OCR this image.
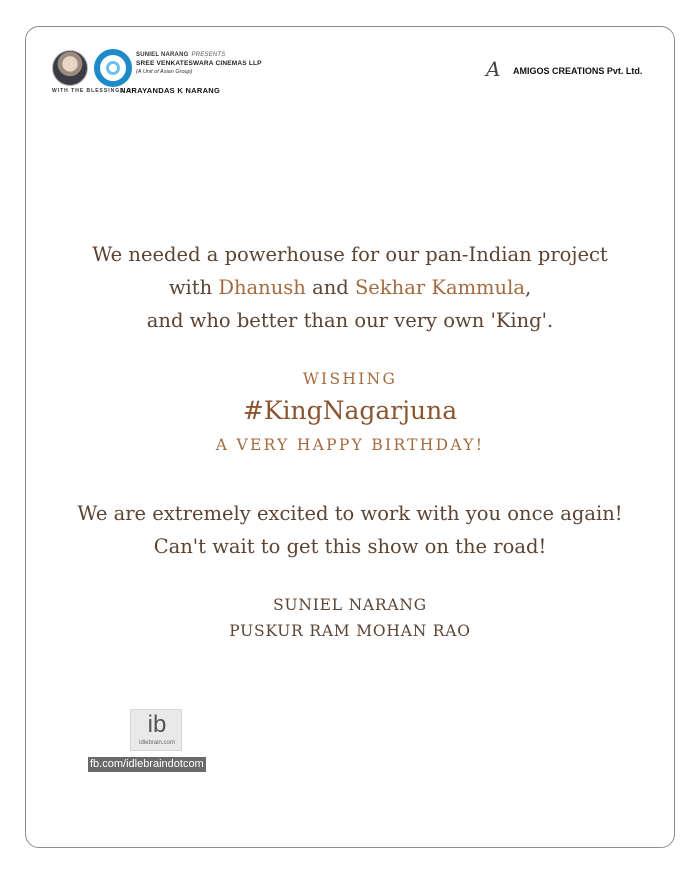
SUNIEL NARANG PRESENTS
SREE VENKATESWARA CINEMAS LLP
(A Unit of Asian Group)
WITH THE BLESSINGS OF
NARAYANDAS K NARANG
A AMIGOS CREATIONS Pvt. Ltd.
We needed a powerhouse for our pan-Indian project
with Dhanush and Sekhar Kammula,
and who better than our very own 'King'.
WISHING
#KingNagarjuna
A VERY HAPPY BIRTHDAY!
We are extremely excited to work with you once again!
Can't wait to get this show on the road!
SUNIEL NARANG
PUSKUR RAM MOHAN RAO
ib
idlebrain.com
fb.com/idlebraindotcom
